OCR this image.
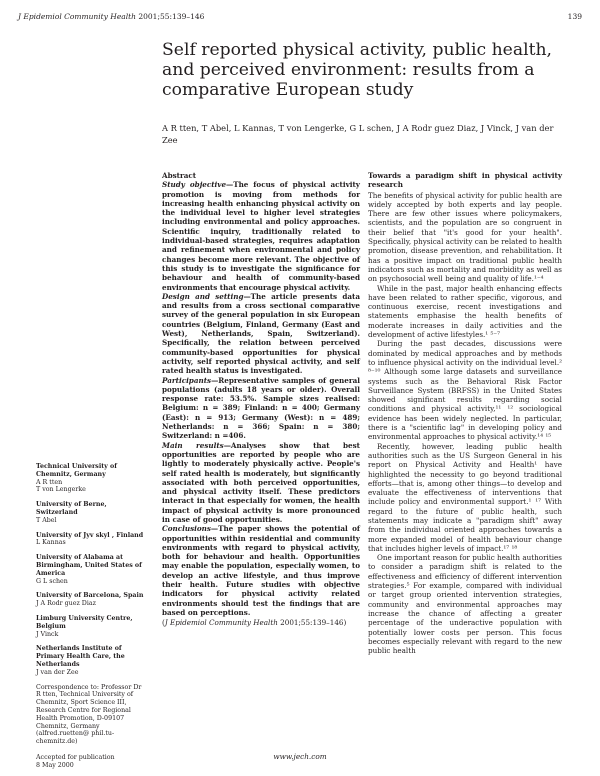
J Epidemiol Community Health 2001;55:139–146	139
Self reported physical activity, public health, and perceived environment: results from a comparative European study
A R tten, T Abel, L Kannas, T von Lengerke, G L schen, J A Rodr guez Diaz, J Vinck, J van der Zee
Technical University of Chemnitz, Germany
A R tten
T von Lengerke
University of Berne, Switzerland
T Abel
University of Jyv skyl , Finland
L Kannas
University of Alabama at Birmingham, United States of America
G L schen
University of Barcelona, Spain
J A Rodr guez Diaz
Limburg University Centre, Belgium
J Vinck
Netherlands Institute of Primary Health Care, the Netherlands
J van der Zee
Correspondence to: Professor Dr R tten, Technical University of Chemnitz, Sport Science III, Research Centre for Regional Health Promotion, D-09107 Chemnitz, Germany (alfred.ruetten@ phil.tu-chemnitz.de)
Accepted for publication
8 May 2000
Abstract
Study objective—The focus of physical activity promotion is moving from methods for increasing health enhancing physical activity on the individual level to higher level strategies including environmental and policy approaches. Scientific inquiry, traditionally related to individual-based strategies, requires adaptation and refinement when environmental and policy changes become more relevant. The objective of this study is to investigate the significance for behaviour and health of community-based environments that encourage physical activity.
Design and setting—The article presents data and results from a cross sectional comparative survey of the general population in six European countries (Belgium, Finland, Germany (East and West), Netherlands, Spain, Switzerland). Specifically, the relation between perceived community-based opportunities for physical activity, self reported physical activity, and self rated health status is investigated.
Participants—Representative samples of general populations (adults 18 years or older). Overall response rate: 53.5%. Sample sizes realised: Belgium: n = 389; Finland: n = 400; Germany (East): n = 913; Germany (West): n = 489; Netherlands: n = 366; Spain: n = 380; Switzerland: n =406.
Main results—Analyses show that best opportunities are reported by people who are lightly to moderately physically active. People's self rated health is moderately, but significantly associated with both perceived opportunities, and physical activity itself. These predictors interact in that especially for women, the health impact of physical activity is more pronounced in case of good opportunities.
Conclusions—The paper shows the potential of opportunities within residential and community environments with regard to physical activity, both for behaviour and health. Opportunities may enable the population, especially women, to develop an active lifestyle, and thus improve their health. Future studies with objective indicators for physical activity related environments should test the findings that are based on perceptions.
(J Epidemiol Community Health 2001;55:139–146)
Towards a paradigm shift in physical activity research

The benefits of physical activity for public health are widely accepted by both experts and lay people. There are few other issues where policymakers, scientists, and the population are so congruent in their belief that "it's good for your health". Specifically, physical activity can be related to health promotion, disease prevention, and rehabilitation. It has a positive impact on traditional public health indicators such as mortality and morbidity as well as on psychosocial well being and quality of life.¹⁻⁴

While in the past, major health enhancing effects have been related to rather specific, vigorous, and continuous exercise, recent investigations and statements emphasise the health benefits of moderate increases in daily activities and the development of active lifestyles.¹ ⁵⁻⁷

During the past decades, discussions were dominated by medical approaches and by methods to influence physical activity on the individual level.² ⁸⁻¹⁰ Although some large datasets and surveillance systems such as the Behavioral Risk Factor Surveillance System (BRFSS) in the United States showed significant results regarding social conditions and physical activity,¹¹ ¹² sociological evidence has been widely neglected. In particular, there is a "scientific lag" in developing policy and environmental approaches to physical activity.¹⁴ ¹⁵

Recently, however, leading public health authorities such as the US Surgeon General in his report on Physical Activity and Health¹ have highlighted the necessity to go beyond traditional efforts—that is, among other things—to develop and evaluate the effectiveness of interventions that include policy and environmental support.¹ ¹⁷ With regard to the future of public health, such statements may indicate a "paradigm shift" away from the individual oriented approaches towards a more expanded model of health behaviour change that includes higher levels of impact.¹⁷ ¹⁸

One important reason for public health authorities to consider a paradigm shift is related to the effectiveness and efficiency of different intervention strategies.⁵ For example, compared with individual or target group oriented intervention strategies, community and environmental approaches may increase the chance of affecting a greater percentage of the underactive population with potentially lower costs per person. This focus becomes especially relevant with regard to the new public health

www.jech.com
